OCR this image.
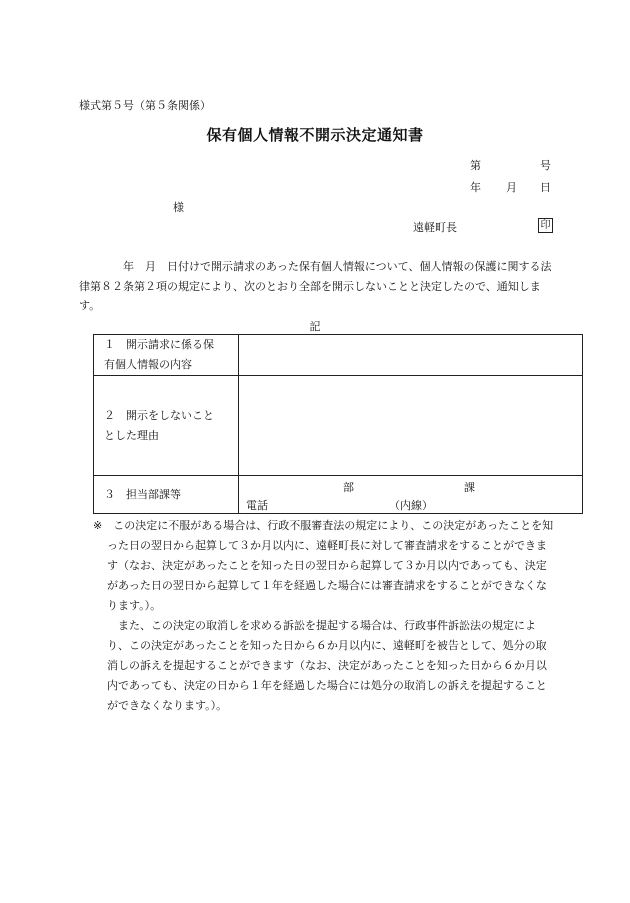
様式第５号（第５条関係）
保有個人情報不開示決定通知書
第	号
年 月 日
様
遠軽町長	印
年　月　日付けで開示請求のあった保有個人情報について、個人情報の保護に関する法律第８２条第２項の規定により、次のとおり全部を開示しないことと決定したので、通知します。
記
１　開示請求に係る保
有個人情報の内容	

２　開示をしないこと
とした理由	

３　担当部課等	部 課
電話 （内線）
※　この決定に不服がある場合は、行政不服審査法の規定により、この決定があったことを知った日の翌日から起算して３か月以内に、遠軽町長に対して審査請求をすることができます（なお、決定があったことを知った日の翌日から起算して３か月以内であっても、決定があった日の翌日から起算して１年を経過した場合には審査請求をすることができなくなります。）。
また、この決定の取消しを求める訴訟を提起する場合は、行政事件訴訟法の規定により、この決定があったことを知った日から６か月以内に、遠軽町を被告として、処分の取消しの訴えを提起することができます（なお、決定があったことを知った日から６か月以内であっても、決定の日から１年を経過した場合には処分の取消しの訴えを提起することができなくなります。）。
